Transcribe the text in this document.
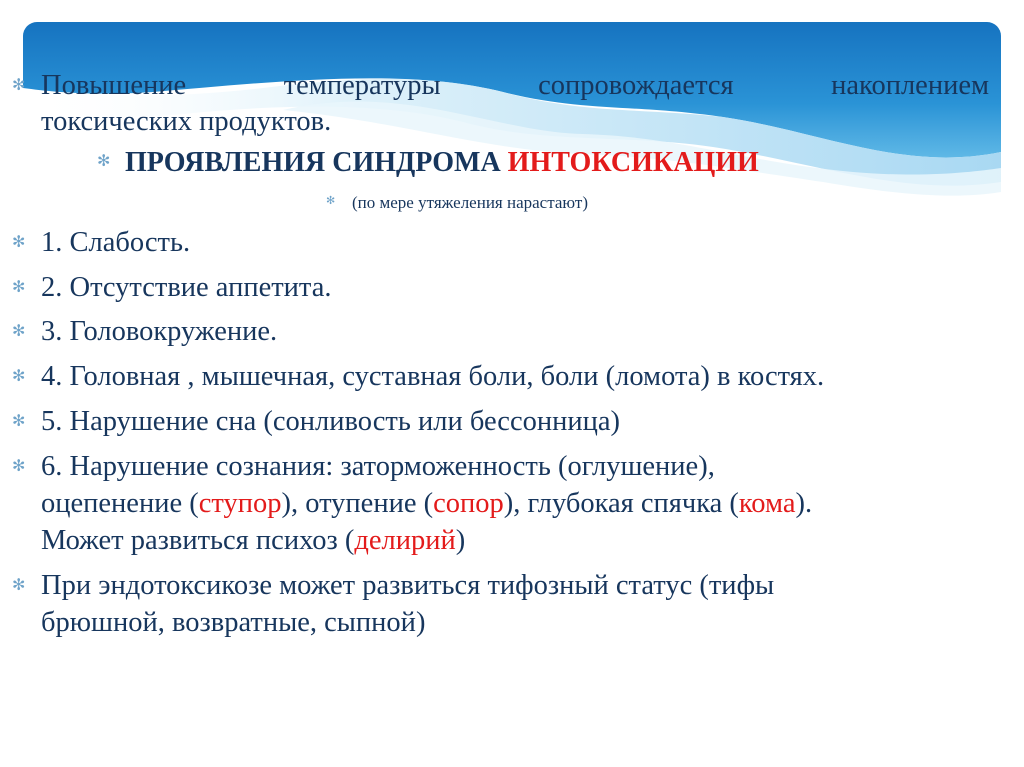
✻ Повышение	температуры	сопровождается	накоплением
токсических продуктов.
✻ ПРОЯВЛЕНИЯ СИНДРОМА ИНТОКСИКАЦИИ
✻ (по мере утяжеления нарастают)
✻ 1. Слабость.
✻ 2. Отсутствие аппетита.
✻ 3. Головокружение.
✻ 4. Головная , мышечная, суставная боли, боли (ломота) в костях.
✻ 5. Нарушение сна (сонливость или бессонница)
✻ 6. Нарушение сознания: заторможенность (оглушение),
оцепенение (ступор), отупение (сопор), глубокая спячка (кома).
Может развиться психоз (делирий)
✻ При эндотоксикозе может развиться тифозный статус (тифы
брюшной, возвратные, сыпной)
